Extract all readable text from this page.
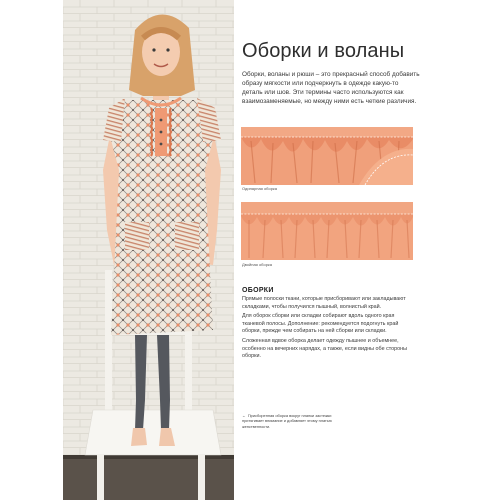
Оборки и воланы
Оборки, воланы и рюши – это прекрасный способ добавить образу мягкости или подчеркнуть в одежде какую-то деталь или шов. Эти термины часто используются как взаимозаменяемые, но между ними есть четкие различия.
Одинарная оборка
Двойная оборка
ОБОРКИ

Прямые полоски ткани, которые присборивают или закладывают складками, чтобы получился пышный, волнистый край.

Для оборок сборки или складки собирают вдоль одного края тканевой полосы. Дополнение: рекомендуется подогнуть край оборки, прежде чем собирать на ней сборки или складки.

Сложенная вдвое оборка делает одежду пышнее и объемнее, особенно на вечерних нарядах, а также, если видны обе стороны оборки.

← Присборенная оборка вокруг планки застежки притягивает внимание и добавляет этому платью женственности.
